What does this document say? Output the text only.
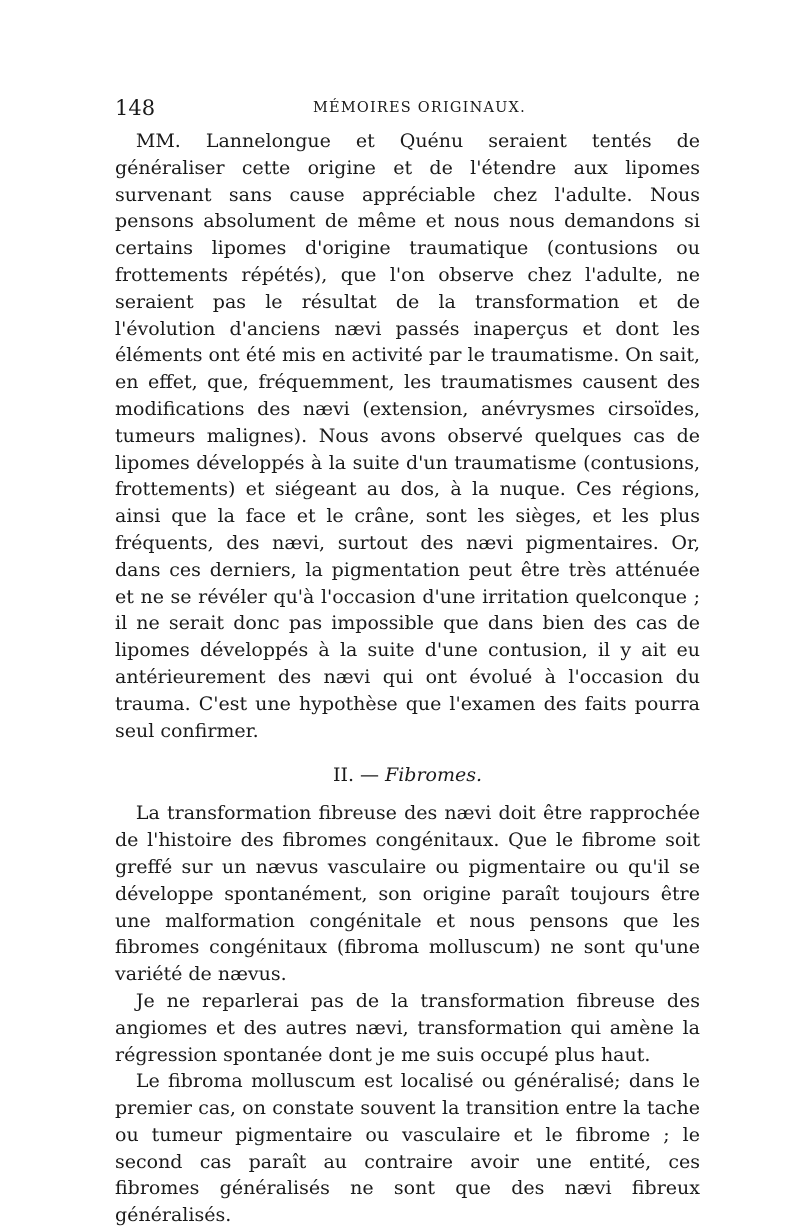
148	MÉMOIRES ORIGINAUX.

MM. Lannelongue et Quénu seraient tentés de généraliser cette origine et de l'étendre aux lipomes survenant sans cause appréciable chez l'adulte. Nous pensons absolument de même et nous nous demandons si certains lipomes d'origine traumatique (contusions ou frottements répétés), que l'on observe chez l'adulte, ne seraient pas le résultat de la transformation et de l'évolution d'anciens nævi passés inaperçus et dont les éléments ont été mis en activité par le traumatisme. On sait, en effet, que, fréquemment, les traumatismes causent des modifications des nævi (extension, anévrysmes cirsoïdes, tumeurs malignes). Nous avons observé quelques cas de lipomes développés à la suite d'un traumatisme (contusions, frottements) et siégeant au dos, à la nuque. Ces régions, ainsi que la face et le crâne, sont les sièges, et les plus fréquents, des nævi, surtout des nævi pigmentaires. Or, dans ces derniers, la pigmentation peut être très atténuée et ne se révéler qu'à l'occasion d'une irritation quelconque ; il ne serait donc pas impossible que dans bien des cas de lipomes développés à la suite d'une contusion, il y ait eu antérieurement des nævi qui ont évolué à l'occasion du trauma. C'est une hypothèse que l'examen des faits pourra seul confirmer.

II. — Fibromes.

La transformation fibreuse des nævi doit être rapprochée de l'histoire des fibromes congénitaux. Que le fibrome soit greffé sur un nævus vasculaire ou pigmentaire ou qu'il se développe spontanément, son origine paraît toujours être une malformation congénitale et nous pensons que les fibromes congénitaux (fibroma molluscum) ne sont qu'une variété de nævus.

Je ne reparlerai pas de la transformation fibreuse des angiomes et des autres nævi, transformation qui amène la régression spontanée dont je me suis occupé plus haut.

Le fibroma molluscum est localisé ou généralisé; dans le premier cas, on constate souvent la transition entre la tache ou tumeur pigmentaire ou vasculaire et le fibrome ; le second cas paraît au contraire avoir une entité, ces fibromes généralisés ne sont que des nævi fibreux généralisés.
